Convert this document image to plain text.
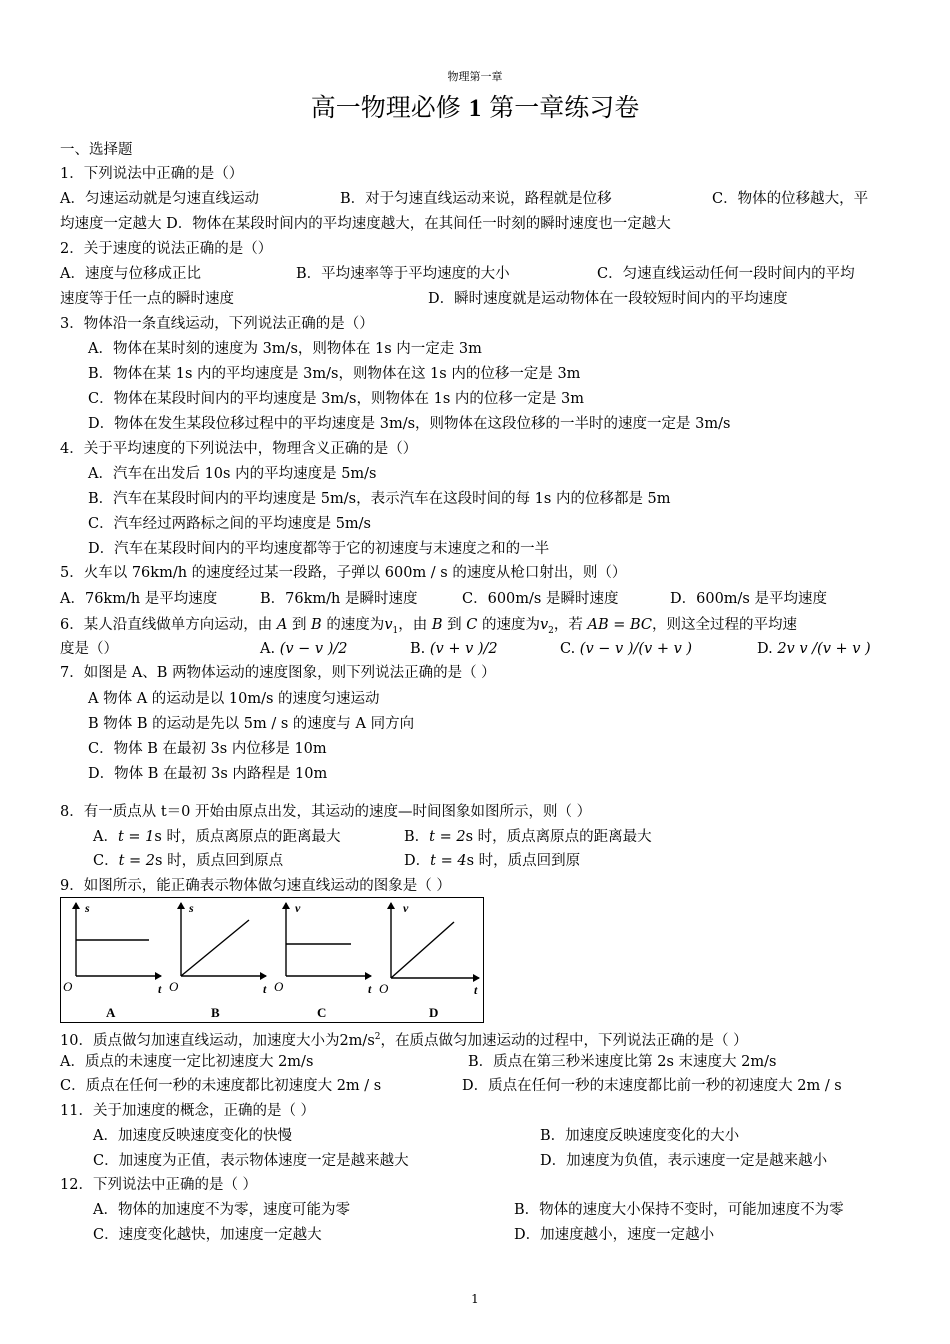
物理第一章
高一物理必修 1 第一章练习卷
一、选择题
1．下列说法中正确的是（）
A．匀速运动就是匀速直线运动	B．对于匀速直线运动来说，路程就是位移	C．物体的位移越大，平
均速度一定越大 D．物体在某段时间内的平均速度越大，在其间任一时刻的瞬时速度也一定越大
2．关于速度的说法正确的是（）
A．速度与位移成正比	B．平均速率等于平均速度的大小	C．匀速直线运动任何一段时间内的平均
速度等于任一点的瞬时速度	D．瞬时速度就是运动物体在一段较短时间内的平均速度
3．物体沿一条直线运动，下列说法正确的是（）
A．物体在某时刻的速度为 3m/s，则物体在 1s 内一定走 3m
B．物体在某 1s 内的平均速度是 3m/s，则物体在这 1s 内的位移一定是 3m
C．物体在某段时间内的平均速度是 3m/s，则物体在 1s 内的位移一定是 3m
D．物体在发生某段位移过程中的平均速度是 3m/s，则物体在这段位移的一半时的速度一定是 3m/s
4．关于平均速度的下列说法中，物理含义正确的是（）
A．汽车在出发后 10s 内的平均速度是 5m/s
B．汽车在某段时间内的平均速度是 5m/s，表示汽车在这段时间的每 1s 内的位移都是 5m
C．汽车经过两路标之间的平均速度是 5m/s
D．汽车在某段时间内的平均速度都等于它的初速度与末速度之和的一半
5．火车以 76km/h 的速度经过某一段路，子弹以 600m / s 的速度从枪口射出，则（）
A．76km/h 是平均速度	B．76km/h 是瞬时速度	C．600m/s 是瞬时速度	D．600m/s 是平均速度
6．某人沿直线做单方向运动，由 A 到 B 的速度为$v_1$，由 B 到 C 的速度为$v_2$，若 AB = BC，则这全过程的平均速
度是（）	A. (v − v )/2	B. (v + v )/2	C. (v − v )/(v + v )	D. 2v v /(v + v )
7．如图是 A、B 两物体运动的速度图象，则下列说法正确的是（ ）
A 物体 A 的运动是以 10m/s 的速度匀速运动
B 物体 B 的运动是先以 5m / s 的速度与 A 同方向
C．物体 B 在最初 3s 内位移是 10m
D．物体 B 在最初 3s 内路程是 10m
8．有一质点从 t＝0 开始由原点出发，其运动的速度—时间图象如图所示，则（ ）
A．t = 1s 时，质点离原点的距离最大	B．t = 2s 时，质点离原点的距离最大
C．t = 2s 时，质点回到原点	D．t = 4s 时，质点回到原
9．如图所示，能正确表示物体做匀速直线运动的图象是（ ）
s
O	t
A
s
O	t
B
v
O	t
C
v
O	t
D
10．质点做匀加速直线运动，加速度大小为$2m/s^2$，在质点做匀加速运动的过程中，下列说法正确的是（ ）
A．质点的未速度一定比初速度大 2m/s	B．质点在第三秒米速度比第 2s 末速度大 2m/s
C．质点在任何一秒的未速度都比初速度大 2m / s	D．质点在任何一秒的末速度都比前一秒的初速度大 2m / s
11．关于加速度的概念，正确的是（ ）
A．加速度反映速度变化的快慢	B．加速度反映速度变化的大小
C．加速度为正值，表示物体速度一定是越来越大	D．加速度为负值，表示速度一定是越来越小
12．下列说法中正确的是（ ）
A．物体的加速度不为零，速度可能为零	B．物体的速度大小保持不变时，可能加速度不为零
C．速度变化越快，加速度一定越大	D．加速度越小，速度一定越小
1
